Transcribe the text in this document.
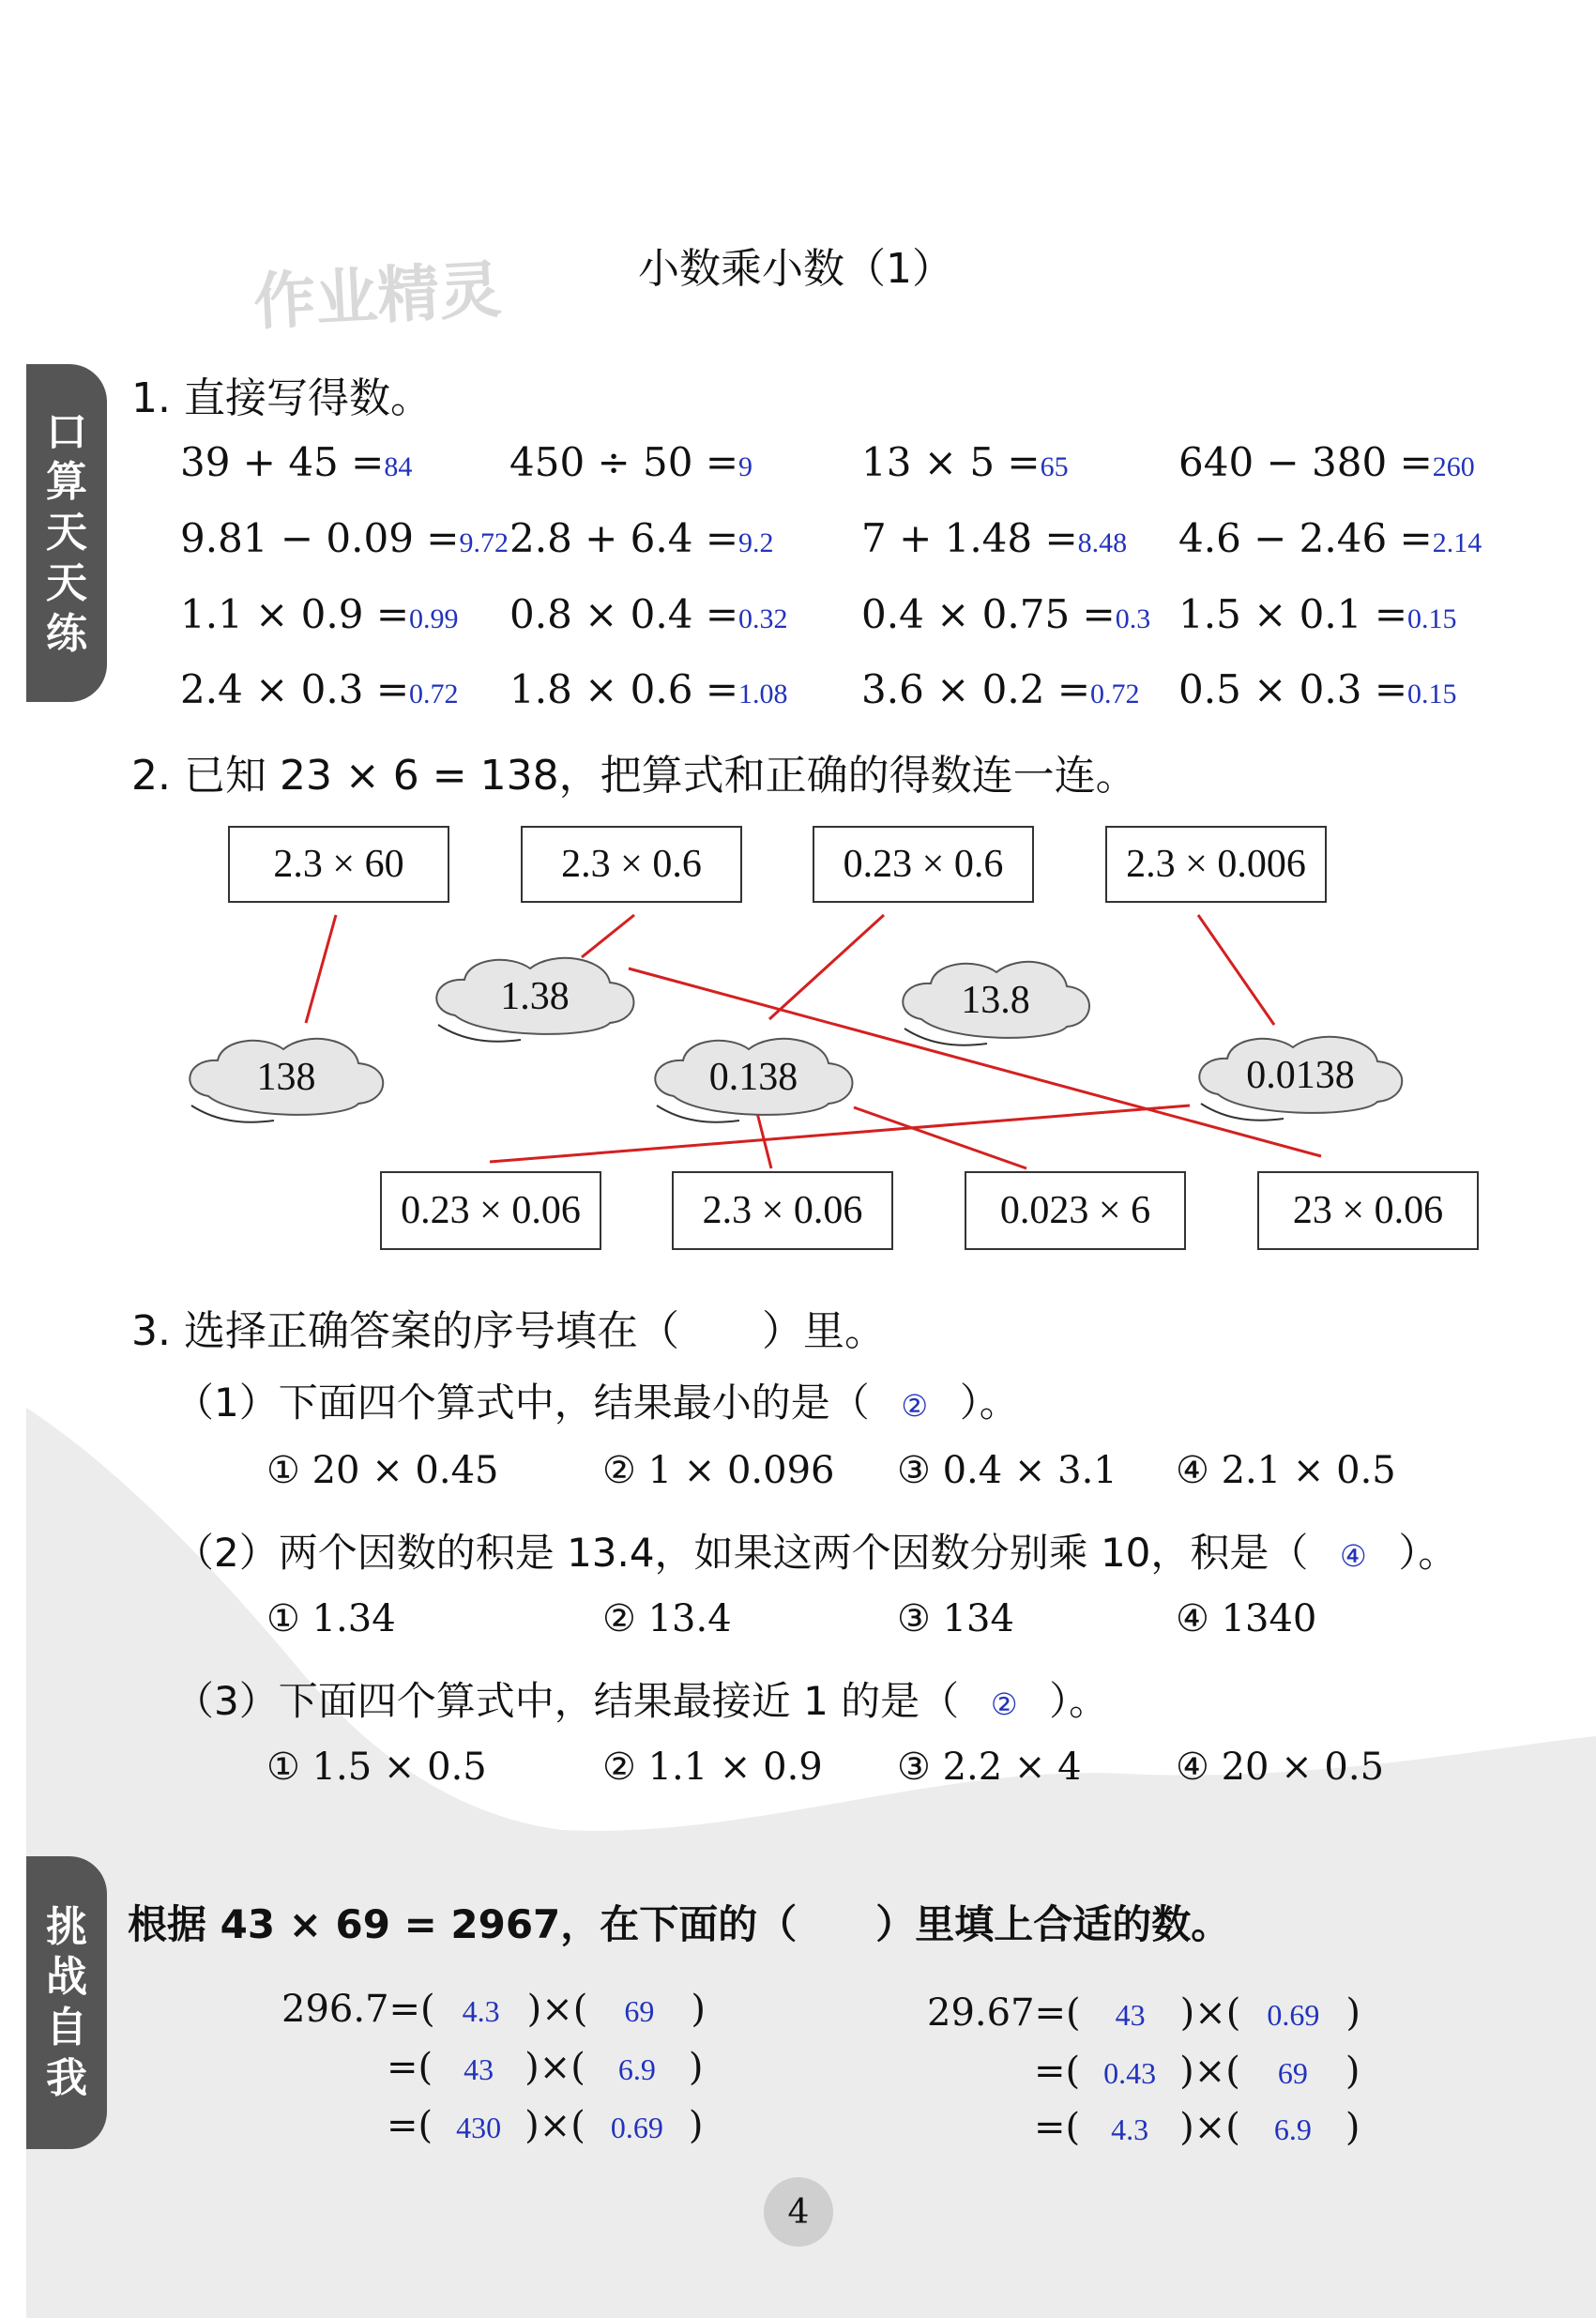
作业精灵	小数乘小数（1）
口
算
天
天
练
1. 直接写得数。
39 + 45 =84 450 ÷ 50 =9	13 × 5 =65	640 − 380 =260
9.81 − 0.09 =9.72 2.8 + 6.4 =9.2 7 + 1.48 =8.48 4.6 − 2.46 =2.14
1.1 × 0.9 =0.99 0.8 × 0.4 =0.32 0.4 × 0.75 =0.3 1.5 × 0.1 =0.15
2.4 × 0.3 =0.72 1.8 × 0.6 =1.08 3.6 × 0.2 =0.72 0.5 × 0.3 =0.15
2. 已知 23 × 6 = 138，把算式和正确的得数连一连。
2.3 × 60	2.3 × 0.6	0.23 × 0.6	2.3 × 0.006
1.38	13.8
138	0.138	0.0138
0.23 × 0.06	2.3 × 0.06	0.023 × 6	23 × 0.06
3. 选择正确答案的序号填在（　　）里。
（1）下面四个算式中，结果最小的是（ ② ）。
① 20 × 0.45	② 1 × 0.096 ③ 0.4 × 3.1 ④ 2.1 × 0.5
（2）两个因数的积是 13.4，如果这两个因数分别乘 10，积是（ ④ ）。
① 1.34	② 13.4	③ 134	④ 1340
（3）下面四个算式中，结果最接近 1 的是（ ② ）。
① 1.5 × 0.5	② 1.1 × 0.9 ③ 2.2 × 4	④ 20 × 0.5
挑
战
自
我
根据 43 × 69 = 2967，在下面的（　　）里填上合适的数。
296.7=( 4.3 )×( 69 )
=( 43 )×( 6.9 )
=( 430 )×( 0.69 )
29.67=( 43 )×( 0.69 )
=( 0.43 )×( 69 )
=( 4.3 )×( 6.9 )
4
